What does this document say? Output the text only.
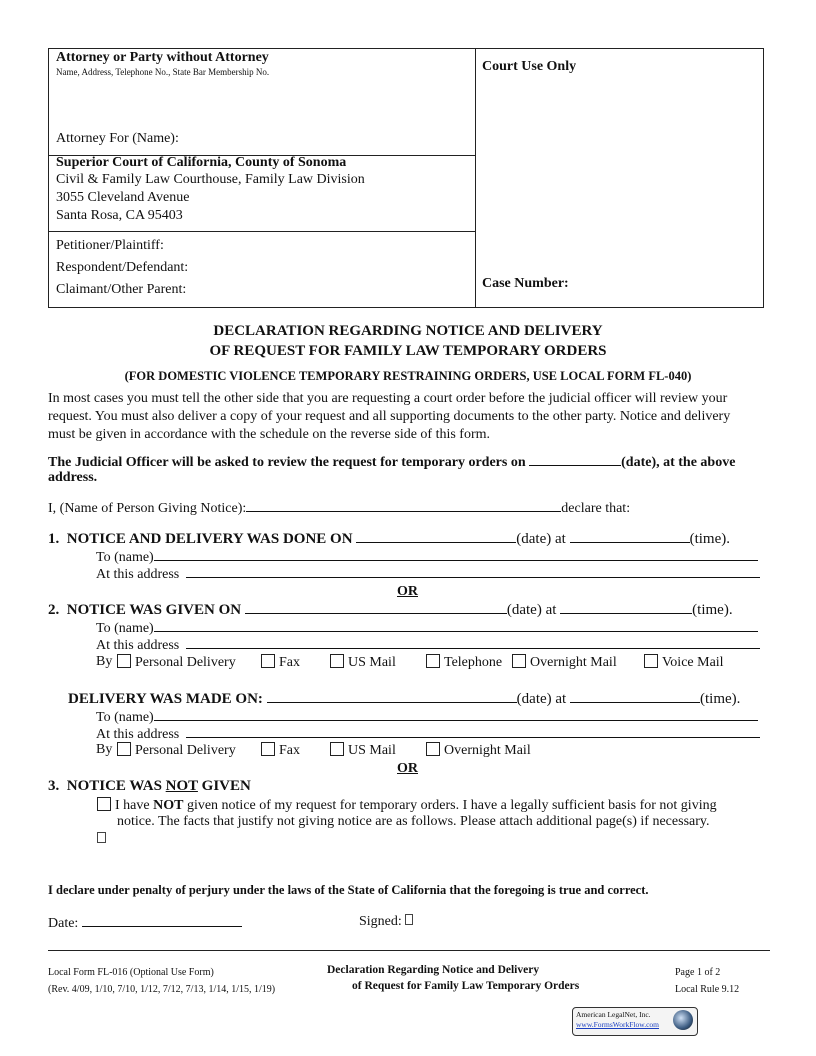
Attorney or Party without Attorney
Name, Address, Telephone No., State Bar Membership No.
Attorney For (Name):
Superior Court of California, County of Sonoma
Civil & Family Law Courthouse, Family Law Division
3055 Cleveland Avenue
Santa Rosa, CA 95403
Petitioner/Plaintiff:
Respondent/Defendant:
Claimant/Other Parent:
Court Use Only
Case Number:
DECLARATION REGARDING NOTICE AND DELIVERY
OF REQUEST FOR FAMILY LAW TEMPORARY ORDERS
(FOR DOMESTIC VIOLENCE TEMPORARY RESTRAINING ORDERS, USE LOCAL FORM FL-040)
In most cases you must tell the other side that you are requesting a court order before the judicial officer will review your
request. You must also deliver a copy of your request and all supporting documents to the other party. Notice and delivery
must be given in accordance with the schedule on the reverse side of this form.
The Judicial Officer will be asked to review the request for temporary orders on	(date), at the above
address.
I, (Name of Person Giving Notice):	declare that:
1. NOTICE AND DELIVERY WAS DONE ON	(date) at	(time).
To (name)
At this address
OR
2. NOTICE WAS GIVEN ON	(date) at	(time).
To (name)
At this address
By	Personal Delivery	Fax	US Mail	Telephone	Overnight Mail	Voice Mail
DELIVERY WAS MADE ON:	(date) at	(time).
To (name)
At this address
By	Personal Delivery	Fax	US Mail	Overnight Mail
OR
3. NOTICE WAS NOT GIVEN
I have NOT given notice of my request for temporary orders. I have a legally sufficient basis for not giving
notice. The facts that justify not giving notice are as follows. Please attach additional page(s) if necessary.
I declare under penalty of perjury under the laws of the State of California that the foregoing is true and correct.
Date:	Signed:
Local Form FL-016 (Optional Use Form)
(Rev. 4/09, 1/10, 7/10, 1/12, 7/12, 7/13, 1/14, 1/15, 1/19)
Declaration Regarding Notice and Delivery
of Request for Family Law Temporary Orders
Page 1 of 2
Local Rule 9.12
American LegalNet, Inc.
www.FormsWorkFlow.com
